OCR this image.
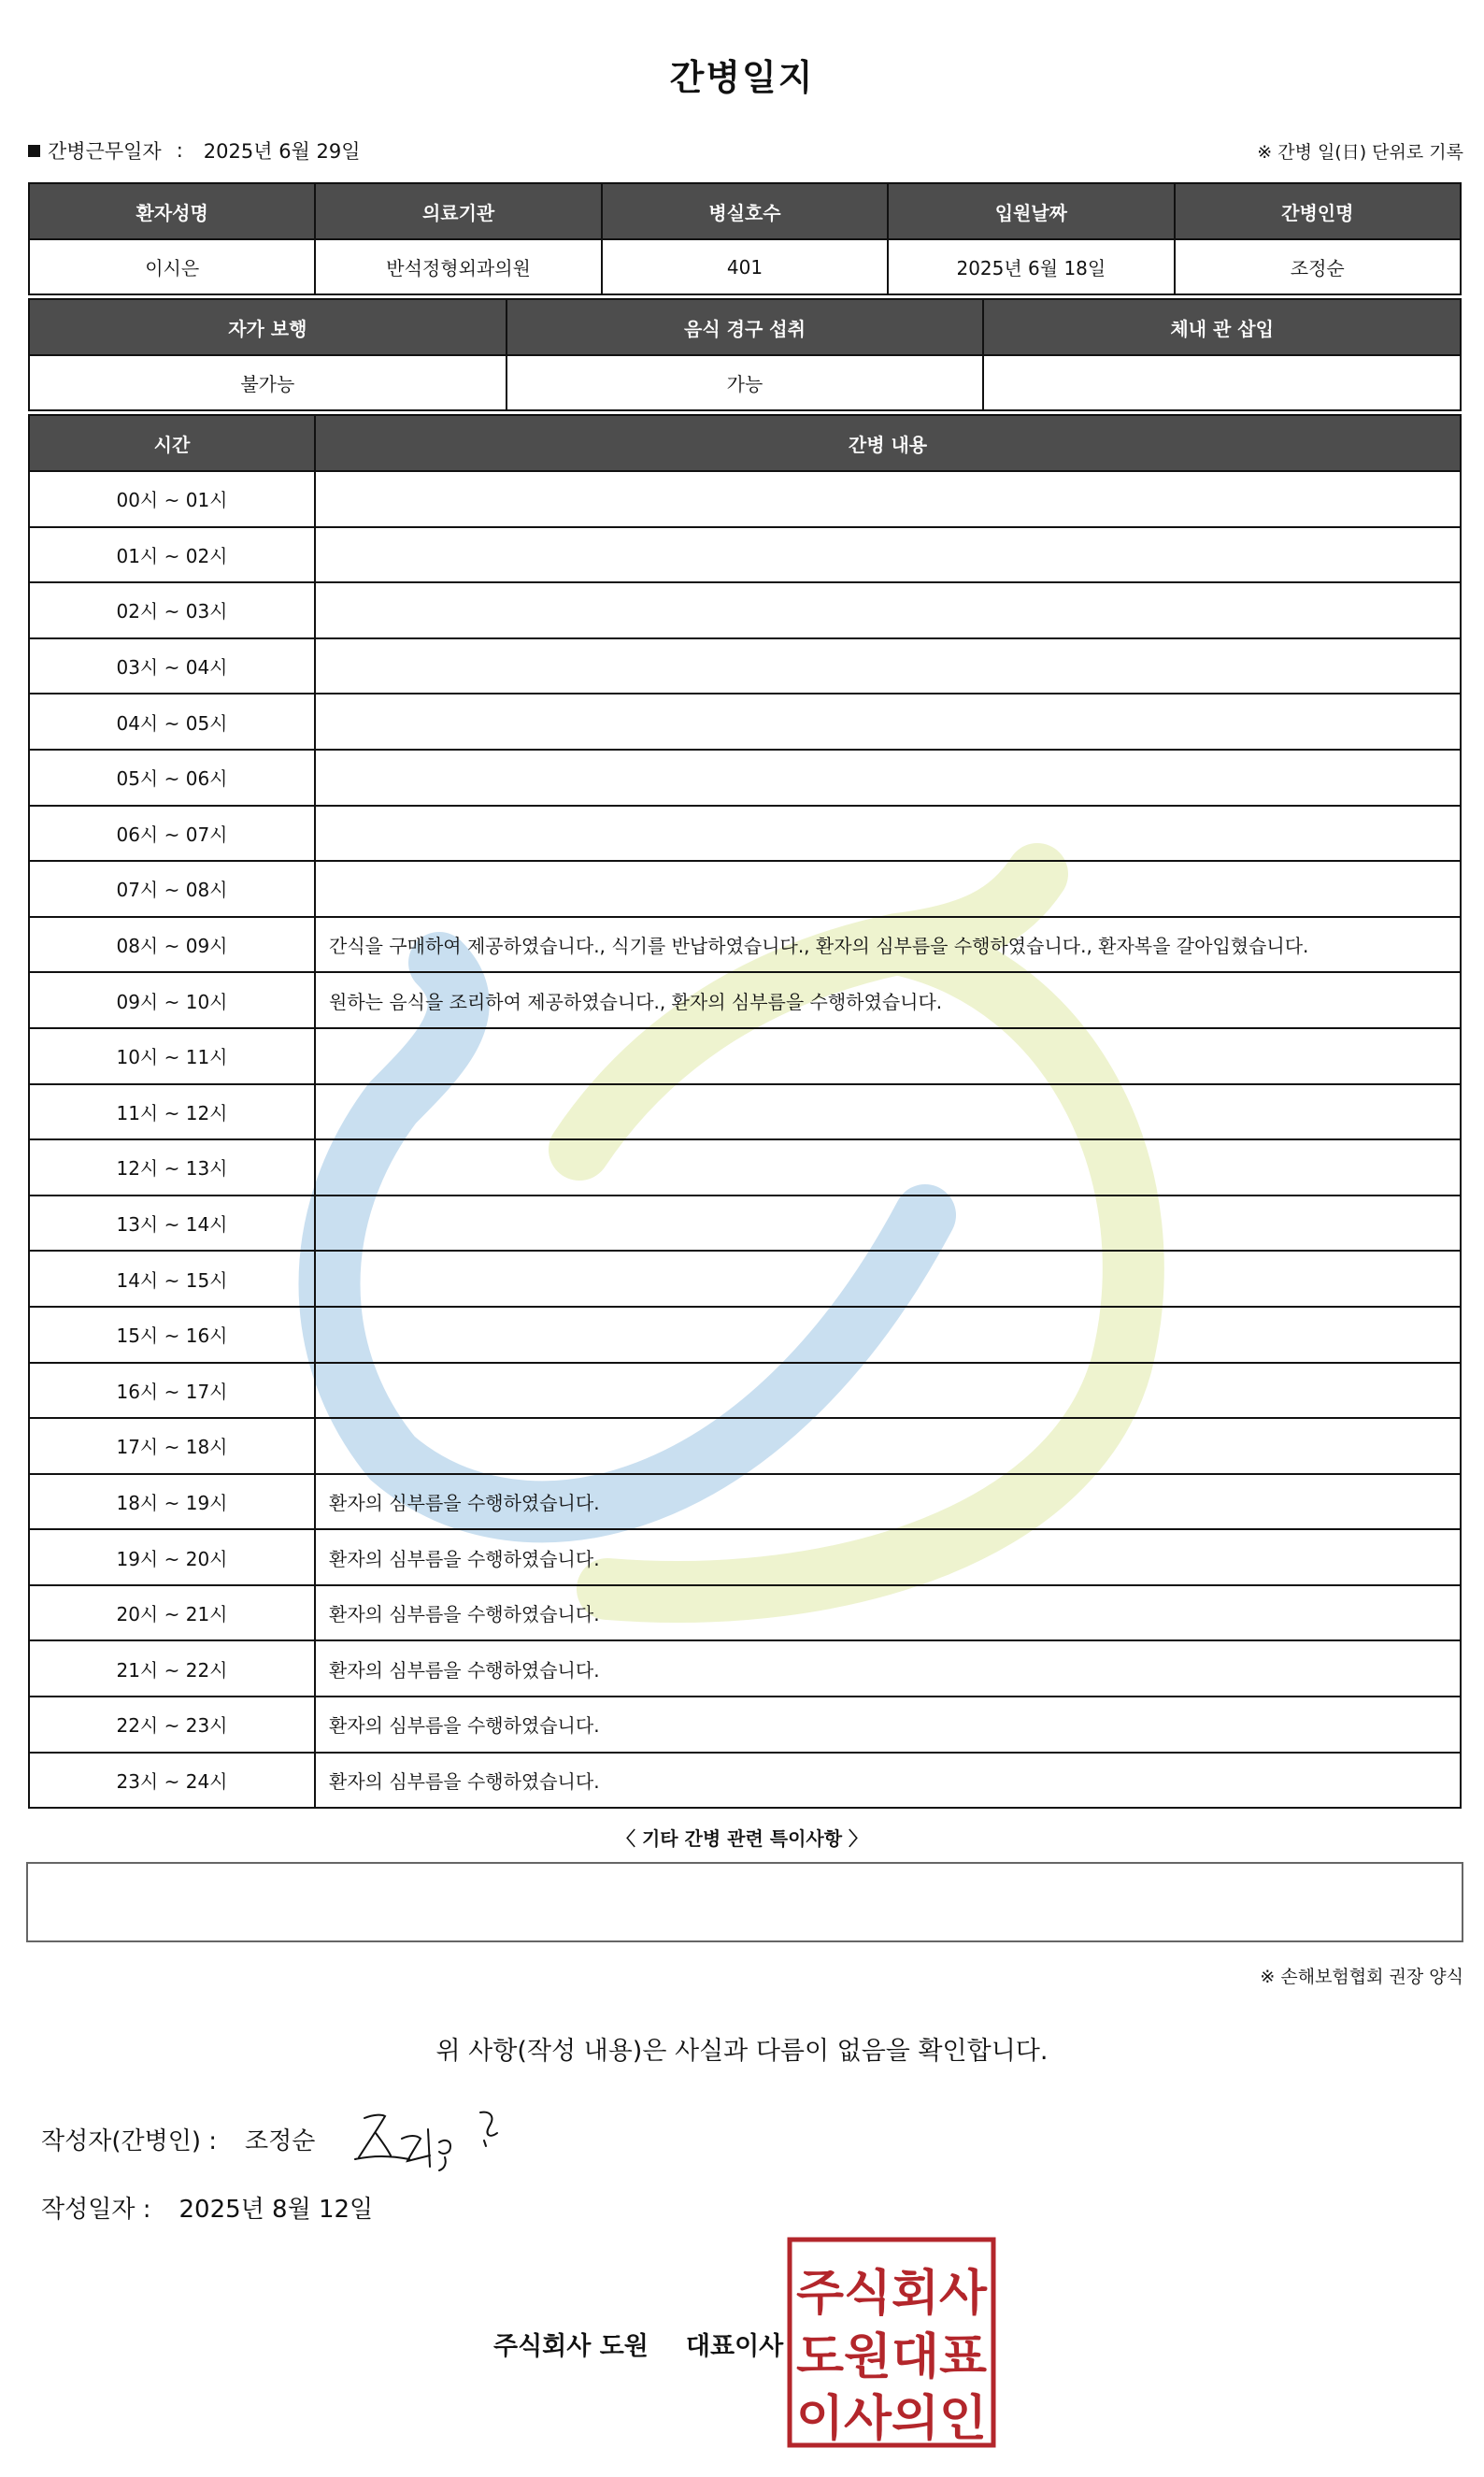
간병일지
간병근무일자 : 2025년 6월 29일	※ 간병 일(日) 단위로 기록
환자성명	의료기관	병실호수	입원날짜	간병인명
이시은	반석정형외과의원	401	2025년 6월 18일	조정순
자가 보행	음식 경구 섭취	체내 관 삽입
불가능	가능	
시간	간병 내용
00시 ~ 01시	
01시 ~ 02시	
02시 ~ 03시	
03시 ~ 04시	
04시 ~ 05시	
05시 ~ 06시	
06시 ~ 07시	
07시 ~ 08시	
08시 ~ 09시	간식을 구매하여 제공하였습니다., 식기를 반납하였습니다., 환자의 심부름을 수행하였습니다., 환자복을 갈아입혔습니다.
09시 ~ 10시	원하는 음식을 조리하여 제공하였습니다., 환자의 심부름을 수행하였습니다.
10시 ~ 11시	
11시 ~ 12시	
12시 ~ 13시	
13시 ~ 14시	
14시 ~ 15시	
15시 ~ 16시	
16시 ~ 17시	
17시 ~ 18시	
18시 ~ 19시	환자의 심부름을 수행하였습니다.
19시 ~ 20시	환자의 심부름을 수행하였습니다.
20시 ~ 21시	환자의 심부름을 수행하였습니다.
21시 ~ 22시	환자의 심부름을 수행하였습니다.
22시 ~ 23시	환자의 심부름을 수행하였습니다.
23시 ~ 24시	환자의 심부름을 수행하였습니다.
〈 기타 간병 관련 특이사항 〉
※ 손해보험협회 권장 양식
위 사항(작성 내용)은 사실과 다름이 없음을 확인합니다.
작성자(간병인) : 조정순
작성일자 : 2025년 8월 12일
주식회사 도원 대표이사
주식회사
도원대표
이사의인
